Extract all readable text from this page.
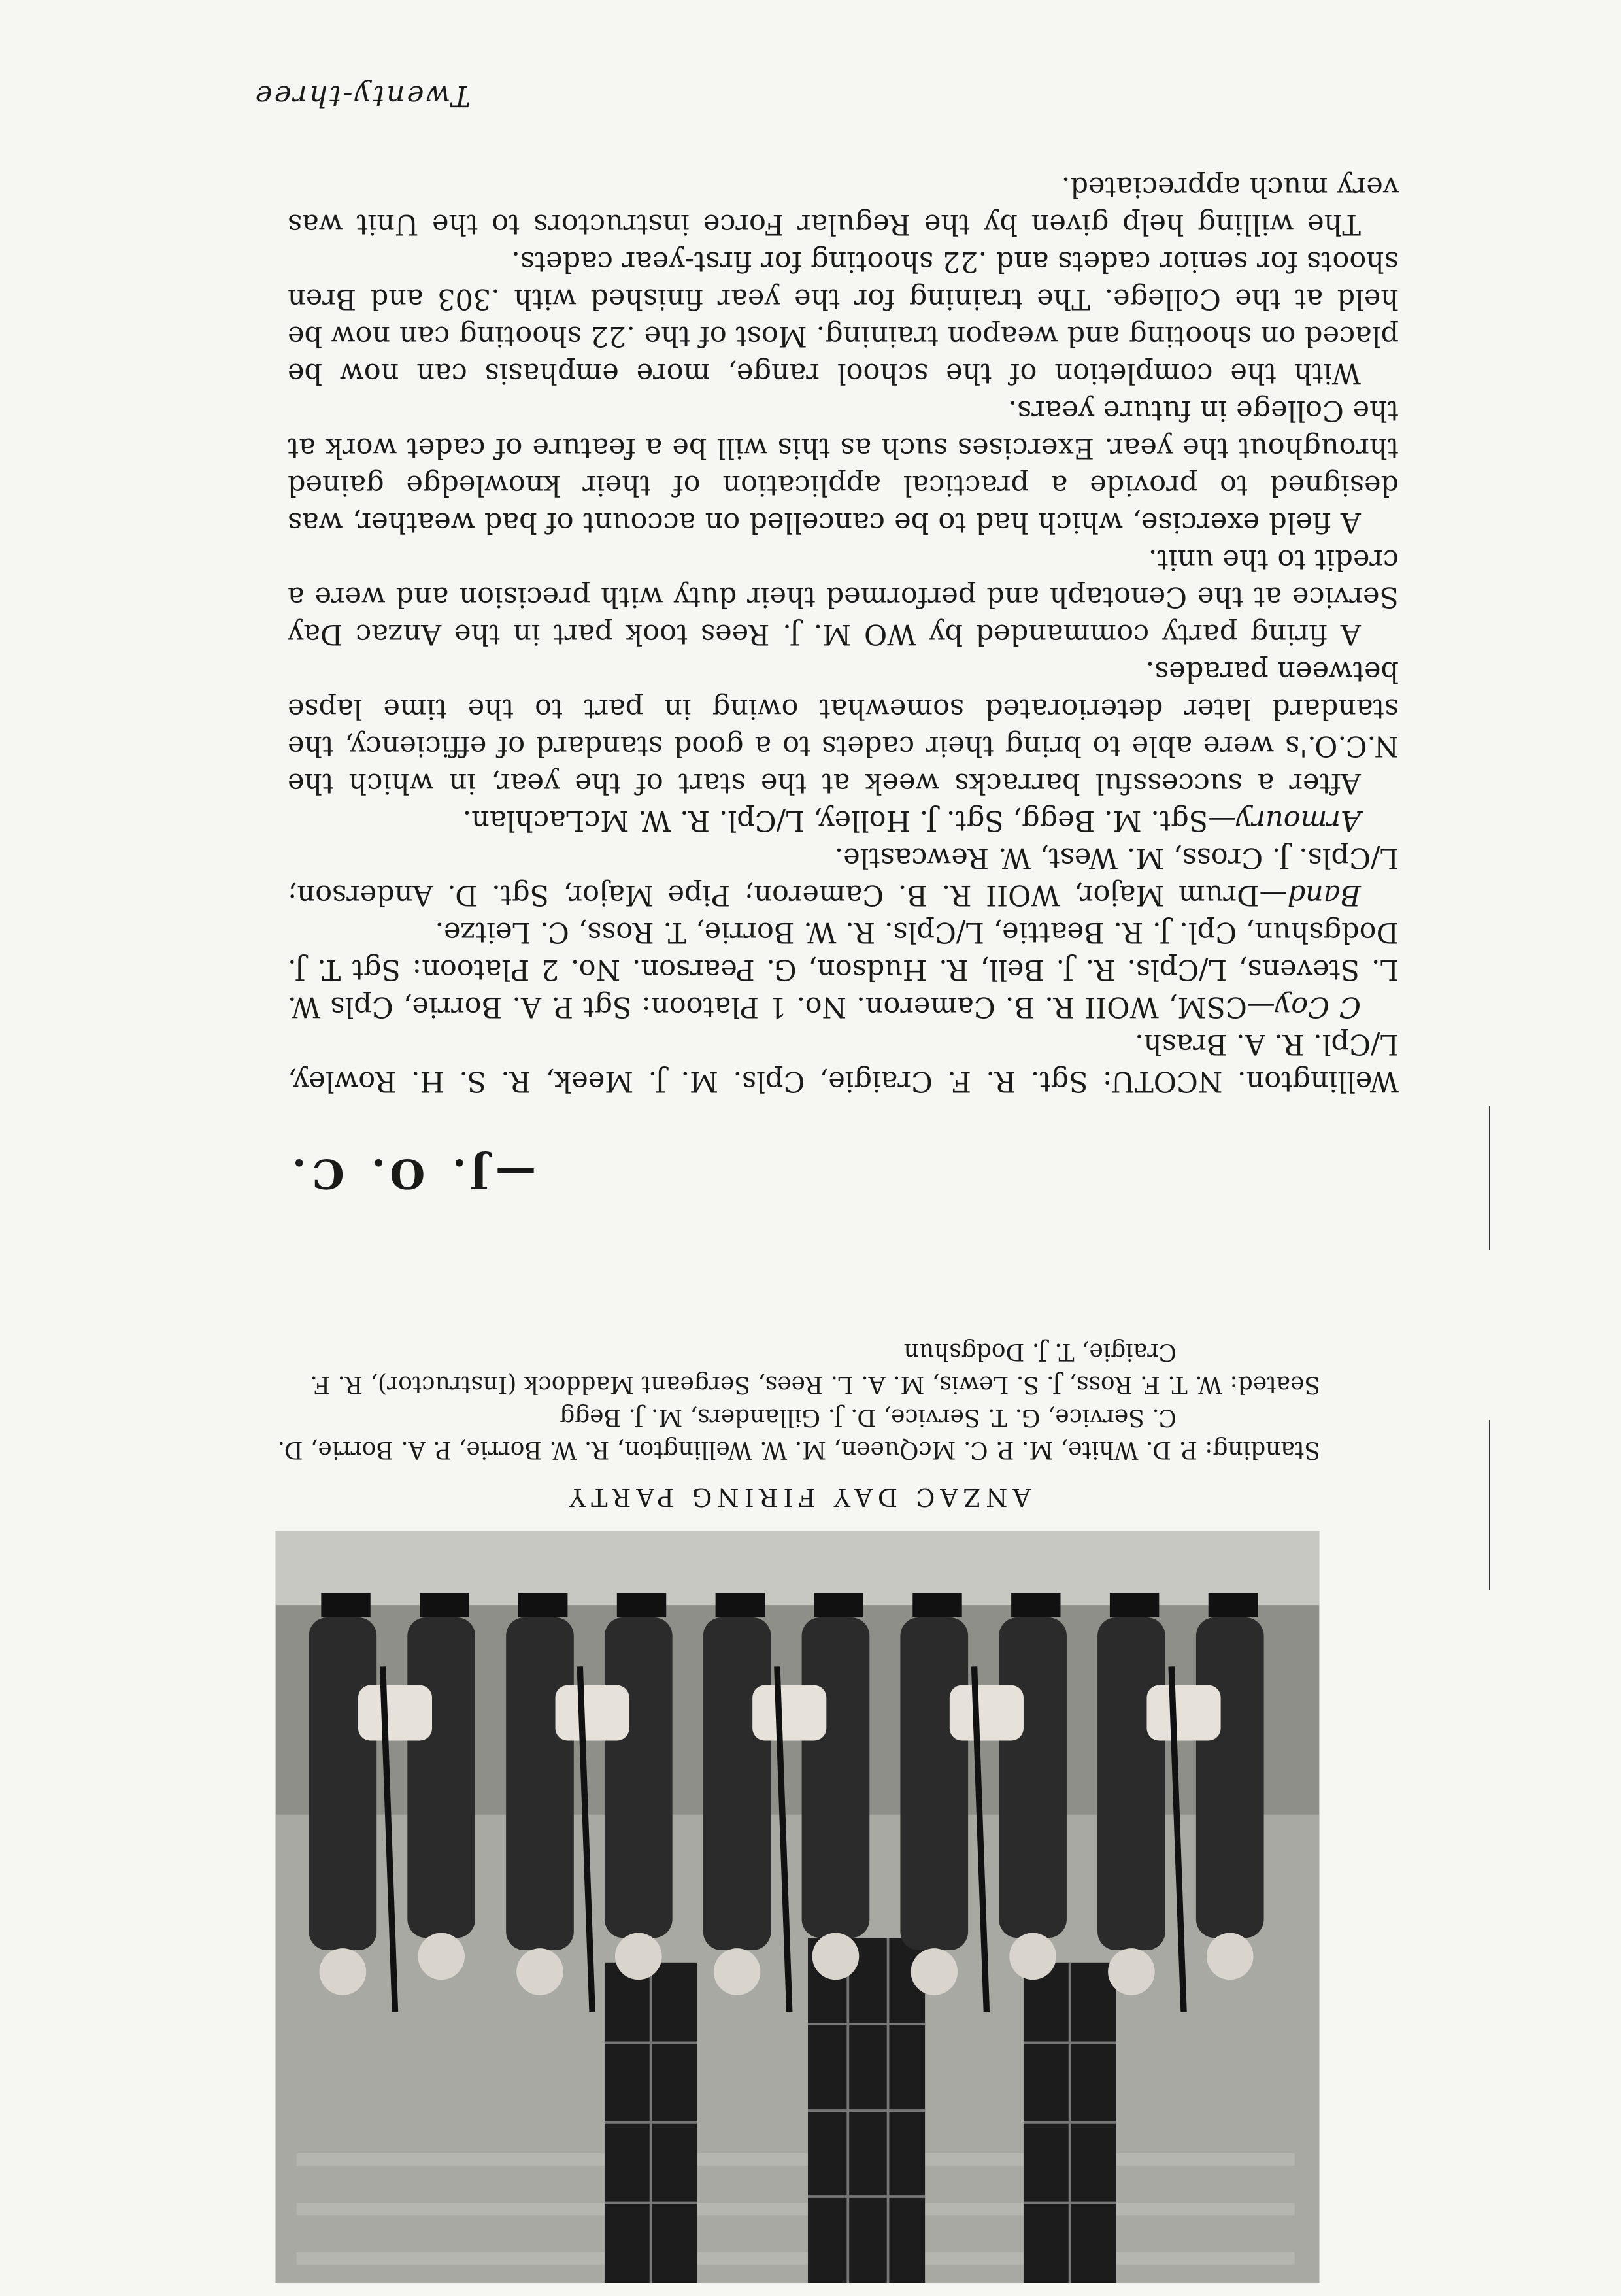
Wellington. NCOTU: Sgt. R. F. Craigie, Cpls. M. J. Meek, R. S. H. Rowley, L/Cpl. R. A. Brash.

C Coy—CSM, WOII R. B. Cameron. No. 1 Platoon: Sgt P. A. Borrie, Cpls W. L. Stevens, L/Cpls. R. J. Bell, R. Hudson, G. Pearson. No. 2 Platoon: Sgt T. J. Dodgshun, Cpl. J. R. Beattie, L/Cpls. R. W. Borrie, T. Ross, C. Leitze.

Band—Drum Major, WOII R. B. Cameron; Pipe Major, Sgt. D. Anderson; L/Cpls. J. Cross, M. West, W. Rewcastle.

Armoury—Sgt. M. Begg, Sgt. J. Holley, L/Cpl. R. W. McLachlan.

After a successful barracks week at the start of the year, in which the N.C.O.'s were able to bring their cadets to a good standard of efficiency, the standard later deteriorated somewhat owing in part to the time lapse between parades.

A firing party commanded by WO M. J. Rees took part in the Anzac Day Service at the Cenotaph and performed their duty with precision and were a credit to the unit.

A field exercise, which had to be cancelled on account of bad weather, was designed to provide a practical application of their knowledge gained throughout the year. Exercises such as this will be a feature of cadet work at the College in future years.

With the completion of the school range, more emphasis can now be placed on shooting and weapon training. Most of the .22 shooting can now be held at the College. The training for the year finished with .303 and Bren shoots for senior cadets and .22 shooting for first-year cadets.

The willing help given by the Regular Force instructors to the Unit was very much appreciated.

—J. O. C.
ANZAC DAY FIRING PARTY
Standing: P. D. White, M. P. C. McQueen, M. W. Wellington, R. W. Borrie, P. A. Borrie, D. C. Service, G. T. Service, D. J. Gillanders, M. J. Begg
Seated: W. T. F. Ross, J. S. Lewis, M. A. L. Rees, Sergeant Maddock (Instructor), R. F. Craigie, T. J. Dodgshun
Twenty-three
